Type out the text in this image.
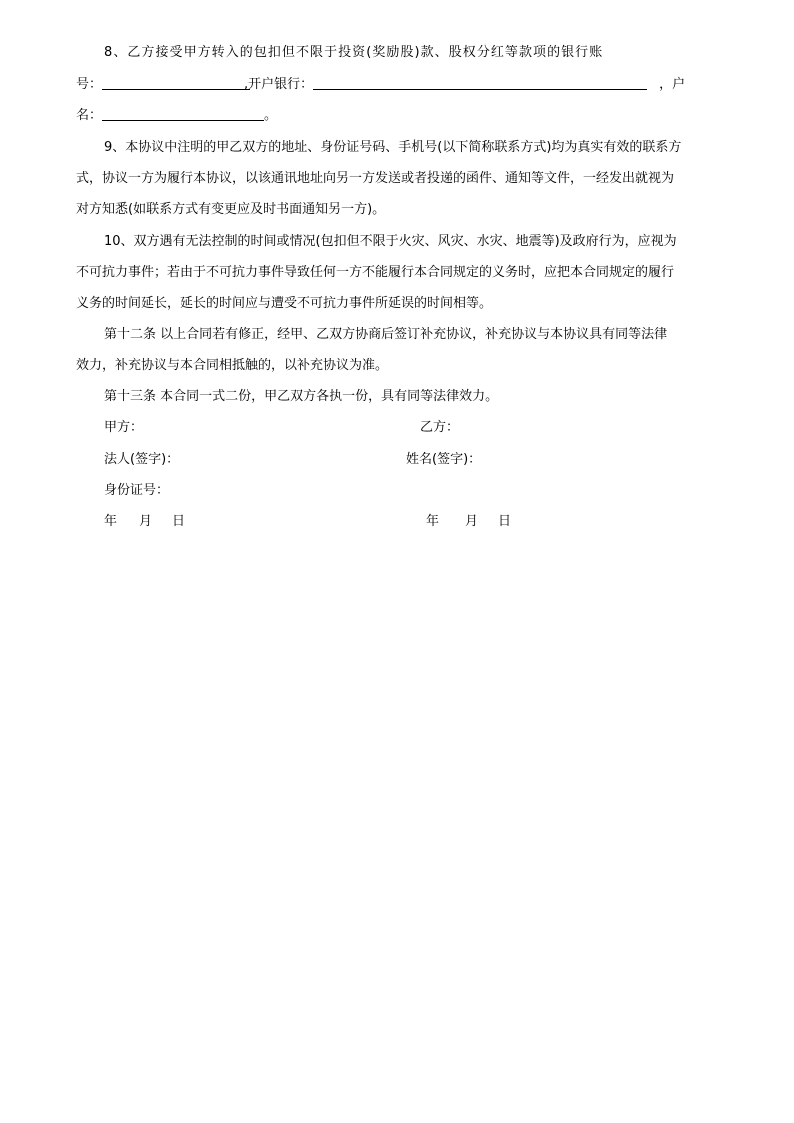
8、乙方接受甲方转入的包扣但不限于投资(奖励股)款、股权分红等款项的银行账
号：	,开户银行：	，户
名：	。
9、本协议中注明的甲乙双方的地址、身份证号码、手机号(以下简称联系方式)均为真实有效的联系方
式，协议一方为履行本协议，以该通讯地址向另一方发送或者投递的函件、通知等文件，一经发出就视为
对方知悉(如联系方式有变更应及时书面通知另一方)。
10、双方遇有无法控制的时间或情况(包扣但不限于火灾、风灾、水灾、地震等)及政府行为，应视为
不可抗力事件；若由于不可抗力事件导致任何一方不能履行本合同规定的义务时，应把本合同规定的履行
义务的时间延长，延长的时间应与遭受不可抗力事件所延误的时间相等。
第十二条 以上合同若有修正，经甲、乙双方协商后签订补充协议，补充协议与本协议具有同等法律
效力，补充协议与本合同相抵触的，以补充协议为准。
第十三条 本合同一式二份，甲乙双方各执一份，具有同等法律效力。
甲方：	乙方：
法人(签字)：	姓名(签字)：
身份证号：
年 月 日	年 月 日
